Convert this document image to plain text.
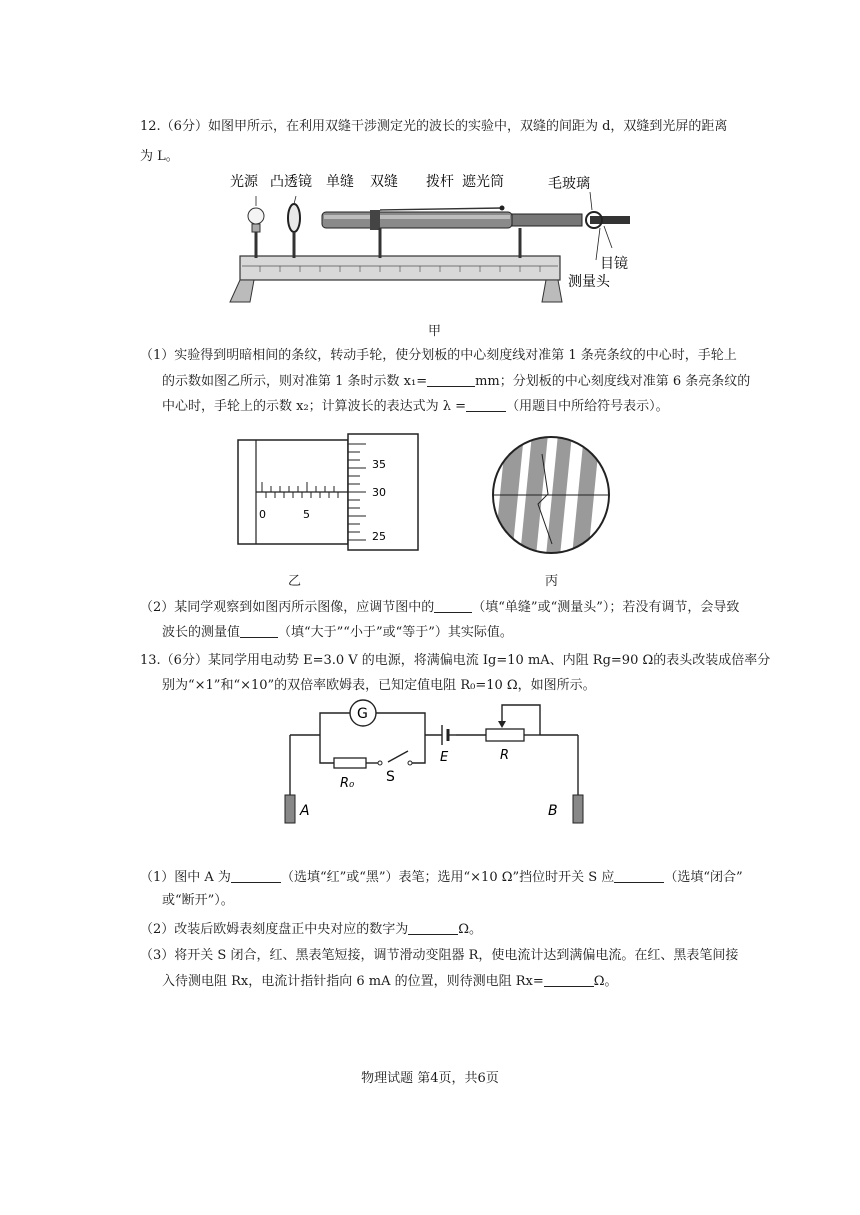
12.（6分）如图甲所示，在利用双缝干涉测定光的波长的实验中，双缝的间距为 d，双缝到光屏的距离
为 L。
光源 凸透镜 单缝 双缝 拨杆 遮光筒	毛玻璃
目镜
测量头
甲
（1）实验得到明暗相间的条纹，转动手轮，使分划板的中心刻度线对准第 1 条亮条纹的中心时，手轮上
的示数如图乙所示，则对准第 1 条时示数 x₁=	mm；分划板的中心刻度线对准第 6 条亮条纹的
中心时，手轮上的示数 x₂；计算波长的表达式为 λ =	（用题目中所给符号表示）。
0	5
35
30
25
乙	丙
（2）某同学观察到如图丙所示图像，应调节图中的	（填“单缝”或“测量头”）；若没有调节，会导致
波长的测量值	（填“大于”“小于”或“等于”）其实际值。
13.（6分）某同学用电动势 E=3.0 V 的电源，将满偏电流 Ig=10 mA、内阻 Rg=90 Ω的表头改装成倍率分
别为“×1”和“×10”的双倍率欧姆表，已知定值电阻 R₀=10 Ω，如图所示。
G
R₀ S
E	R
A	B
（1）图中 A 为	（选填“红”或“黑”）表笔；选用“×10 Ω”挡位时开关 S 应	（选填“闭合”
或“断开”）。
（2）改装后欧姆表刻度盘正中央对应的数字为	Ω。
（3）将开关 S 闭合，红、黑表笔短接，调节滑动变阻器 R，使电流计达到满偏电流。在红、黑表笔间接
入待测电阻 Rx，电流计指针指向 6 mA 的位置，则待测电阻 Rx=	Ω。
物理试题 第4页，共6页
